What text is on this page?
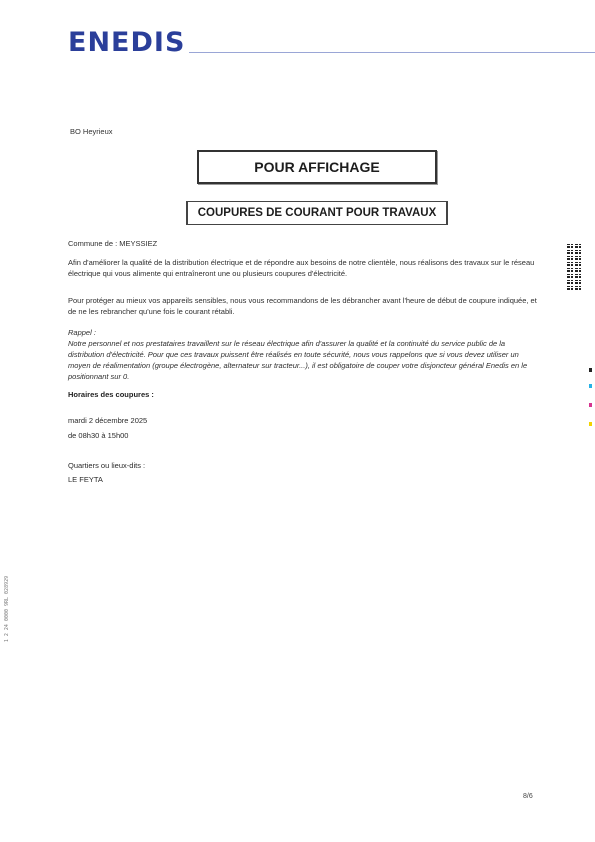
ENEDIS
BO Heyrieux
POUR AFFICHAGE
COUPURES DE COURANT POUR TRAVAUX
Commune de : MEYSSIEZ
Afin d'améliorer la qualité de la distribution électrique et de répondre aux besoins de notre clientèle, nous réalisons des travaux sur le réseau électrique qui vous alimente qui entraîneront une ou plusieurs coupures d'électricité.
Pour protéger au mieux vos appareils sensibles, nous vous recommandons de les débrancher avant l'heure de début de coupure indiquée, et de ne les rebrancher qu'une fois le courant rétabli.
Rappel :
Notre personnel et nos prestataires travaillent sur le réseau électrique afin d'assurer la qualité et la continuité du service public de la distribution d'électricité. Pour que ces travaux puissent être réalisés en toute sécurité, nous vous rappelons que si vous devez utiliser un moyen de réalimentation (groupe électrogène, alternateur sur tracteur...), il est obligatoire de couper votre disjoncteur général Enedis en le positionnant sur 0.
Horaires des coupures :
mardi 2 décembre 2025
de 08h30 à 15h00
Quartiers ou lieux-dits :
LE FEYTA
1 2 24 0000 9RL 028929
8/6
